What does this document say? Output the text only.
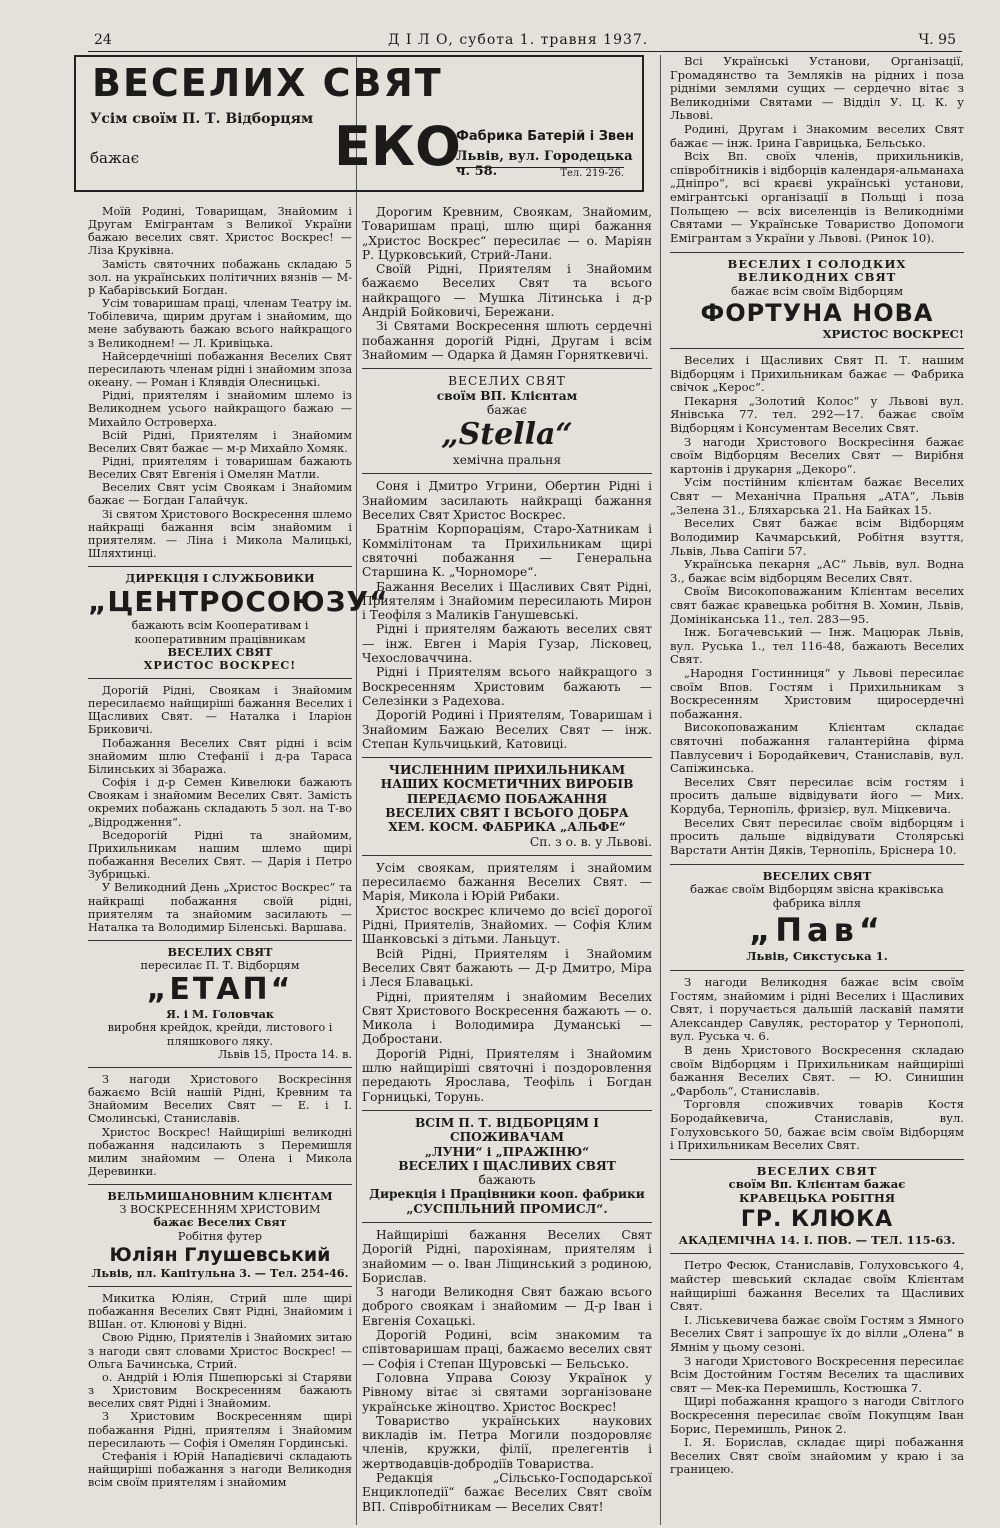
24	Д І Л О, субота 1. травня 1937.	Ч. 95
ВЕСЕЛИХ СВЯТ
Усім своїм П. Т. Відборцям
бажає	ЕКО
Фабрика Батерій і Звен
Львів, вул. Городецька ч. 58.	Тел. 219-26.

Моїй Родині, Товарищам, Знайомим і Другам Емігрантам з Великої України бажаю веселих свят. Христос Воскрес! — Ліза Круківна.

Замість святочних побажань складаю 5 зол. на українських політичних вязнів — М-р Кабарівський Богдан.

Усім товаришам праці, членам Театру ім. Тобілевича, щирим другам і знайомим, що мене забувають бажаю всього найкращого з Великоднем! — Л. Кривіцька.

Найсердечніші побажання Веселих Свят пересилають членам рідні і знайомим зпоза океану. — Роман і Клявдія Олесницькі.

Рідні, приятелям і знайомим шлемо із Великоднем усього найкращого бажаю — Михайло Островерха.

Всій Рідні, Приятелям і Знайомим Веселих Свят бажає — м-р Михайло Хомяк.

Рідні, приятелям і товаришам бажають Веселих Свят Евгенія і Омелян Матли.

Веселих Свят усім Своякам і Знайомим бажає — Богдан Галайчук.

Зі святом Христового Воскресення шлемо найкращі бажання всім знайомим і приятелям. — Ліна і Микола Малицькі, Шляхтинці.

ДИРЕКЦІЯ І СЛУЖБОВИКИ

„ЦЕНТРОСОЮЗУ“

бажають всім Кооперативам і кооперативним працівникам

ВЕСЕЛИХ СВЯТ

ХРИСТОС ВОСКРЕС!

Дорогій Рідні, Своякам і Знайомим пересилаємо найщиріші бажання Веселих і Щасливих Свят. — Наталка і Іларіон Бриковичі.

Побажання Веселих Свят рідні і всім знайомим шлю Стефанії і д-ра Тараса Білинських зі Збаража.

Софія і д-р Семен Кивелюки бажають Своякам і знайомим Веселих Свят. Замість окремих побажань складають 5 зол. на Т-во „Відродження“.

Вседорогій Рідні та знайомим, Прихильникам нашим шлемо щирі побажання Веселих Свят. — Дарія і Петро Зубрицькі.

У Великодний День „Христос Воскрес“ та найкращі побажання своїй рідні, приятелям та знайомим засилають — Наталка та Володимир Біленські. Варшава.

ВЕСЕЛИХ СВЯТ

пересилає П. Т. Відборцям

„ЕТАП“

Я. і М. Головчак

виробня крейдок, крейди, листового і пляшкового ляку.

Львів 15, Проста 14. в.

З нагоди Христового Воскресіння бажаємо Всій нашій Рідні, Кревним та Знайомим Веселих Свят — Е. і І. Смолинські, Станиславів.

Христос Воскрес! Найщиріші великодні побажання надсилають з Перемишля милим знайомим — Олена і Микола Деревинки.

ВЕЛЬМИШАНОВНИМ КЛІЄНТАМ

З ВОСКРЕСЕННЯМ ХРИСТОВИМ

бажає Веселих Свят

Робітня футер

Юліян Глушевський

Львів, пл. Капітульна 3. — Тел. 254-46.

Микитка Юліян, Стрий шле щирі побажання Веселих Свят Рідні, Знайомим і ВШан. от. Клюнові у Відні.

Свою Рідню, Приятелів і Знайомих зитаю з нагоди свят словами Христос Воскрес! — Ольга Бачинська, Стрий.

о. Андрій і Юлія Пшепюрські зі Старяви з Христовим Воскресенням бажають веселих свят Рідні і Знайомим.

З Христовим Воскресенням щирі побажання Рідні, приятелям і Знайомим пересилають — Софія і Омелян Гординські.

Стефанія і Юрій Нападієвичі складають найщиріші побажання з нагоди Великодня всім своїм приятелям і знайомим

Дорогим Кревним, Своякам, Знайомим, Товаришам праці, шлю щирі бажання „Христос Воскрес“ пересилає — о. Маріян Р. Цурковський, Стрий-Лани.

Своїй Рідні, Приятелям і Знайомим бажаємо Веселих Свят та всього найкращого — Мушка Літинська і д-р Андрій Бойковичі, Бережани.

Зі Святами Воскресення шлють сердечні побажання дорогій Рідні, Другам і всім Знайомим — Одарка й Дамян Горняткевичі.

ВЕСЕЛИХ СВЯТ

своїм ВП. Клієнтам

бажає

„Stella“

хемічна пральня

Соня і Дмитро Угрини, Обертин Рідні і Знайомим засилають найкращі бажання Веселих Свят Христос Воскрес.

Братнім Корпораціям, Старо-Хатникам і Коммілітонам та Прихильникам щирі святочні побажання — Генеральна Старшина К. „Чорноморе“.

Бажання Веселих і Щасливих Свят Рідні, Приятелям і Знайомим пересилають Мирон і Теофіля з Маликів Ганушевські.

Рідні і приятелям бажають веселих свят — інж. Евген і Марія Гузар, Лісковец, Чехословаччина.

Рідні і Приятелям всього найкращого з Воскресенням Христовим бажають — Селезінки з Радехова.

Дорогій Родині і Приятелям, Товаришам і Знайомим Бажаю Веселих Свят — інж. Степан Кульчицький, Катовиці.

ЧИСЛЕННИМ ПРИХИЛЬНИКАМ НАШИХ КОСМЕТИЧНИХ ВИРОБІВ ПЕРЕДАЄМО ПОБАЖАННЯ

ВЕСЕЛИХ СВЯТ І ВСЬОГО ДОБРА

ХЕМ. КОСМ. ФАБРИКА „АЛЬФЕ“

Сп. з о. в. у Львові.

Усім своякам, приятелям і знайомим пересилаємо бажання Веселих Свят. — Марія, Микола і Юрій Рибаки.

Христос воскрес кличемо до всієї дорогої Рідні, Приятелів, Знайомих. — Софія Клим Шанковські з дітьми. Ланьцут.

Всій Рідні, Приятелям і Знайомим Веселих Свят бажають — Д-р Дмитро, Міра і Леся Блавацькі.

Рідні, приятелям і знайомим Веселих Свят Христового Воскресення бажають — о. Микола і Володимира Думанські — Добростани.

Дорогій Рідні, Приятелям і Знайомим шлю найщиріші святочні і поздоровлення передають Ярослава, Теофіль і Богдан Горницькі, Торунь.

ВСІМ П. Т. ВІДБОРЦЯМ І СПОЖИВАЧАМ

„ЛУНИ“ і „ПРАЖІНЮ“

ВЕСЕЛИХ І ЩАСЛИВИХ СВЯТ

бажають

Дирекція і Працівники кооп. фабрики

„СУСПІЛЬНИЙ ПРОМИСЛ“.

Найщиріші бажання Веселих Свят Дорогій Рідні, парохіянам, приятелям і знайомим — о. Іван Ліщинський з родиною, Борислав.

З нагоди Великодня Свят бажаю всього доброго своякам і знайомим — Д-р Іван і Евгенія Сохацькі.

Дорогій Родині, всім знакомим та співтоваришам праці, бажаємо веселих свят — Софія і Степан Щуровські — Бельсько.

Головна Управа Союзу Українок у Рівному вітає зі святами зорганізоване українське жіноцтво. Христос Воскрес!

Товариство українських наукових викладів ім. Петра Могили поздоровляє членів, кружки, філії, прелегентів і жертводавців-добродіїв Товариства.

Редакція „Сільсько-Господарської Енциклопедії“ бажає Веселих Свят своїм ВП. Співробітникам — Веселих Свят!

Всі Українські Установи, Організації, Громадянство та Землякiв на рідних і поза рідніми землями сущих — сердечно вітає з Великодніми Святами — Відділ У. Ц. К. у Львові.

Родині, Другам і Знакомим веселих Свят бажає — інж. Ірина Гаврицька, Бельсько.

Всіх Вп. своїх членів, прихильників, співробітників і відборців календаря-альманаха „Дніпро“, всі краєві українські установи, емігрантські організації в Польщі і поза Польщею — всіх виселенців із Великодніми Святами — Українське Товариство Допомоги Емігрантам з України у Львові. (Ринок 10).

ВЕСЕЛИХ І СОЛОДКИХ

ВЕЛИКОДНИХ СВЯТ

бажає всім своїм Відборцям

ФОРТУНА НОВА

ХРИСТОС ВОСКРЕС!

Веселих і Щасливих Свят П. Т. нашим Відборцям і Прихильникам бажає — Фабрика свічок „Керос“.

Пекарня „Золотий Колос“ у Львові вул. Янівська 77. тел. 292—17. бажає своїм Відборцям і Консументам Веселих Свят.

З нагоди Христового Воскресіння бажає своїм Відборцям Веселих Свят — Вирібня картонів і друкарня „Декоро“.

Усім постійним клієнтам бажає Веселих Свят — Механічна Пральня „АТА“, Львів „Зелена 31., Бляхарська 21. На Байках 15.

Веселих Свят бажає всім Відборцям Володимир Качмарський, Робітня взуття, Львів, Льва Сапіги 57.

Українська пекарня „АС“ Львів, вул. Водна 3., бажає всім відборцям Веселих Свят.

Своїм Високоповажаним Клієнтам веселих свят бажає кравецька робітня В. Хомин, Львів, Домініканська 11., тел. 283—95.

Інж. Богачевський — Інж. Мацюрак Львів, вул. Руська 1., тел 116-48, бажають Веселих Свят.

„Народня Гостинниця“ у Львові пересилає своїм Впов. Гостям і Прихильникам з Воскресенням Христовим щиросердечні побажання.

Високоповажаним Клієнтам складає святочні побажання галантерійна фірма Павлусевич і Бородайкевич, Станиславів, вул. Сапіжинська.

Веселих Свят пересилає всім гостям і просить дальше відвідувати його — Мих. Кордуба, Тернопіль, фризієр, вул. Міцкевича.

Веселих Свят пересилає своїм відборцям і просить дальше відвідувати Столярські Варстати Антін Дяків, Тернопіль, Бріснера 10.

ВЕСЕЛИХ СВЯТ

бажає своїм Відборцям звісна краківська фабрика вілля

„Пав“

Львів, Сикстуська 1.

З нагоди Великодня бажає всім своїм Гостям, знайомим і рідні Веселих і Щасливих Свят, і поручається дальшій ласкавій памяти Александер Савуляк, ресторатор у Тернополі, вул. Руська ч. 6.

В день Христового Воскресення складаю своїм Відборцям і Прихильникам найщиріші бажання Веселих Свят. — Ю. Синишин „Фарболь“, Станиславів.

Торговля споживчих товарів Костя Бородайкевича, Станиславів, вул. Голуховського 50, бажає всім своїм Відборцям і Прихильникам Веселих Свят.

ВЕСЕЛИХ СВЯТ

своїм Вп. Клієнтам бажає

КРАВЕЦЬКА РОБІТНЯ

ГР. КЛЮКА

АКАДЕМІЧНА 14. І. ПОВ. — ТЕЛ. 115-63.

Петро Фесюк, Станиславів, Голуховського 4, майстер шевський складає своїм Клієнтам найщиріші бажання Веселих та Щасливих Свят.

І. Ліськевичева бажає своїм Гостям з Ямного Веселих Свят і запрошує їх до вілли „Олена“ в Ямнім у цьому сезоні.

З нагоди Христового Воскресення пересилає Всім Достойним Гостям Веселих та щасливих свят — Мек-ка Перемишль, Костюшка 7.

Щирі побажання кращого з нагоди Світлого Воскресення пересилає своїм Покупцям Іван Борис, Перемишль, Ринок 2.

І. Я. Борислав, складає щирі побажання Веселих Свят своїм знайомим у краю і за границею.
